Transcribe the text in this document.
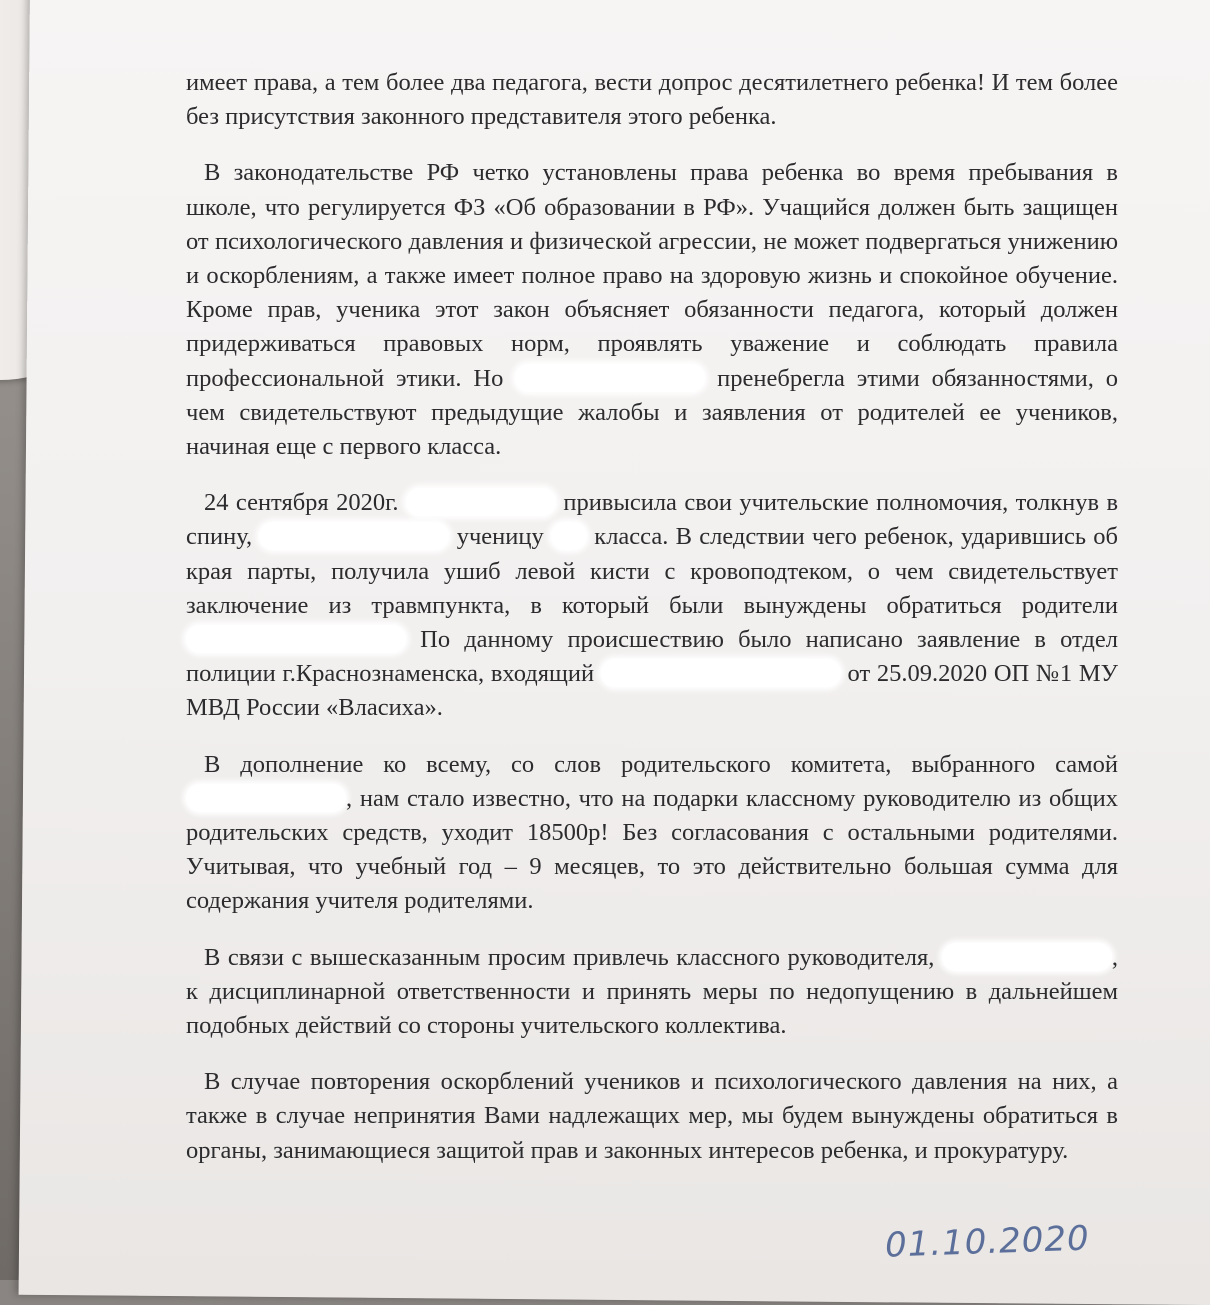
имеет права, а тем более два педагога, вести допрос десятилетнего ребенка! И тем более без присутствия законного представителя этого ребенка.

В законодательстве РФ четко установлены права ребенка во время пребывания в школе, что регулируется ФЗ «Об образовании в РФ». Учащийся должен быть защищен от психологического давления и физической агрессии, не может подвергаться унижению и оскорблениям, а также имеет полное право на здоровую жизнь и спокойное обучение. Кроме прав, ученика этот закон объясняет обязанности педагога, который должен придерживаться правовых норм, проявлять уважение и соблюдать правила профессиональной этики. Но	пренебрегла этими обязанностями, о чем свидетельствуют предыдущие жалобы и заявления от родителей ее учеников, начиная еще с первого класса.

24 сентября 2020г.	привысила свои учительские полномочия, толкнув в спину,	ученицу класса. В следствии чего ребенок, ударившись об края парты, получила ушиб левой кисти с кровоподтеком, о чем свидетельствует заключение из травмпункта, в который были вынуждены обратиться родители  По данному происшествию было написано заявление в отдел полиции г.Краснознаменска, входящий	от 25.09.2020 ОП №1 МУ МВД России «Власиха».

В дополнение ко всему, со слов родительского комитета, выбранного самой , нам стало известно, что на подарки классному руководителю из общих родительских средств, уходит 18500р! Без согласования с остальными родителями. Учитывая, что учебный год – 9 месяцев, то это действительно большая сумма для содержания учителя родителями.

В связи с вышесказанным просим привлечь классного руководителя,	, к дисциплинарной ответственности и принять меры по недопущению в дальнейшем подобных действий со стороны учительского коллектива.

В случае повторения оскорблений учеников и психологического давления на них, а также в случае непринятия Вами надлежащих мер, мы будем вынуждены обратиться в органы, занимающиеся защитой прав и законных интересов ребенка, и прокуратуру.

01.10.2020
